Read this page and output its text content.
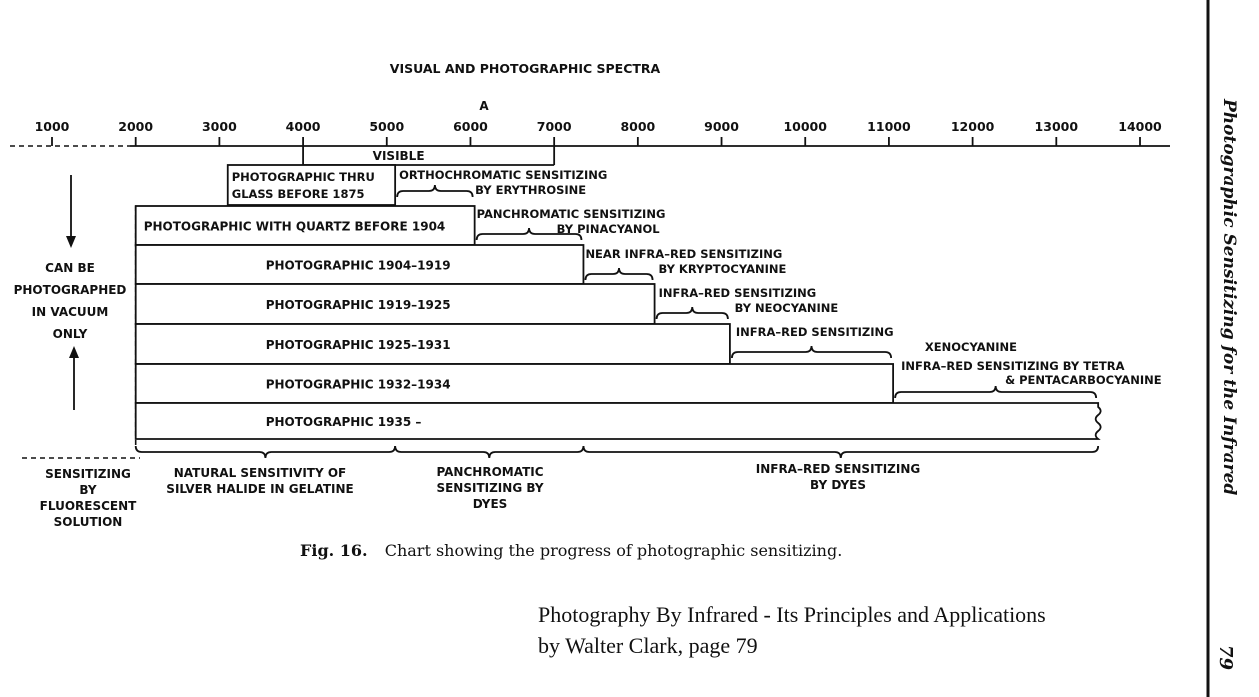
VISUAL AND PHOTOGRAPHIC SPECTRA
A
1000	2000	3000	4000	5000	6000	7000	8000	9000	10000	11000	12000	13000	14000
VISIBLE
PHOTOGRAPHIC THRU
GLASS BEFORE 1875
PHOTOGRAPHIC WITH QUARTZ BEFORE 1904
PHOTOGRAPHIC 1904–1919
PHOTOGRAPHIC 1919–1925
PHOTOGRAPHIC 1925–1931
PHOTOGRAPHIC 1932–1934
PHOTOGRAPHIC 1935 –
ORTHOCHROMATIC SENSITIZING
BY ERYTHROSINE
PANCHROMATIC SENSITIZING
BY PINACYANOL
NEAR INFRA–RED SENSITIZING
BY KRYPTOCYANINE
INFRA–RED SENSITIZING
BY NEOCYANINE
INFRA–RED SENSITIZING
XENOCYANINE
INFRA–RED SENSITIZING BY TETRA
& PENTACARBOCYANINE
NATURAL SENSITIVITY OF
SILVER HALIDE IN GELATINE
PANCHROMATIC
SENSITIZING BY
DYES
INFRA–RED SENSITIZING
BY DYES
CAN BE
PHOTOGRAPHED
IN VACUUM
ONLY
SENSITIZING
BY
FLUORESCENT
SOLUTION
Fig. 16. Chart showing the progress of photographic sensitizing.
Photography By Infrared - Its Principles and Applications
by Walter Clark, page 79
Photographic Sensitizing for the Infrared
79
